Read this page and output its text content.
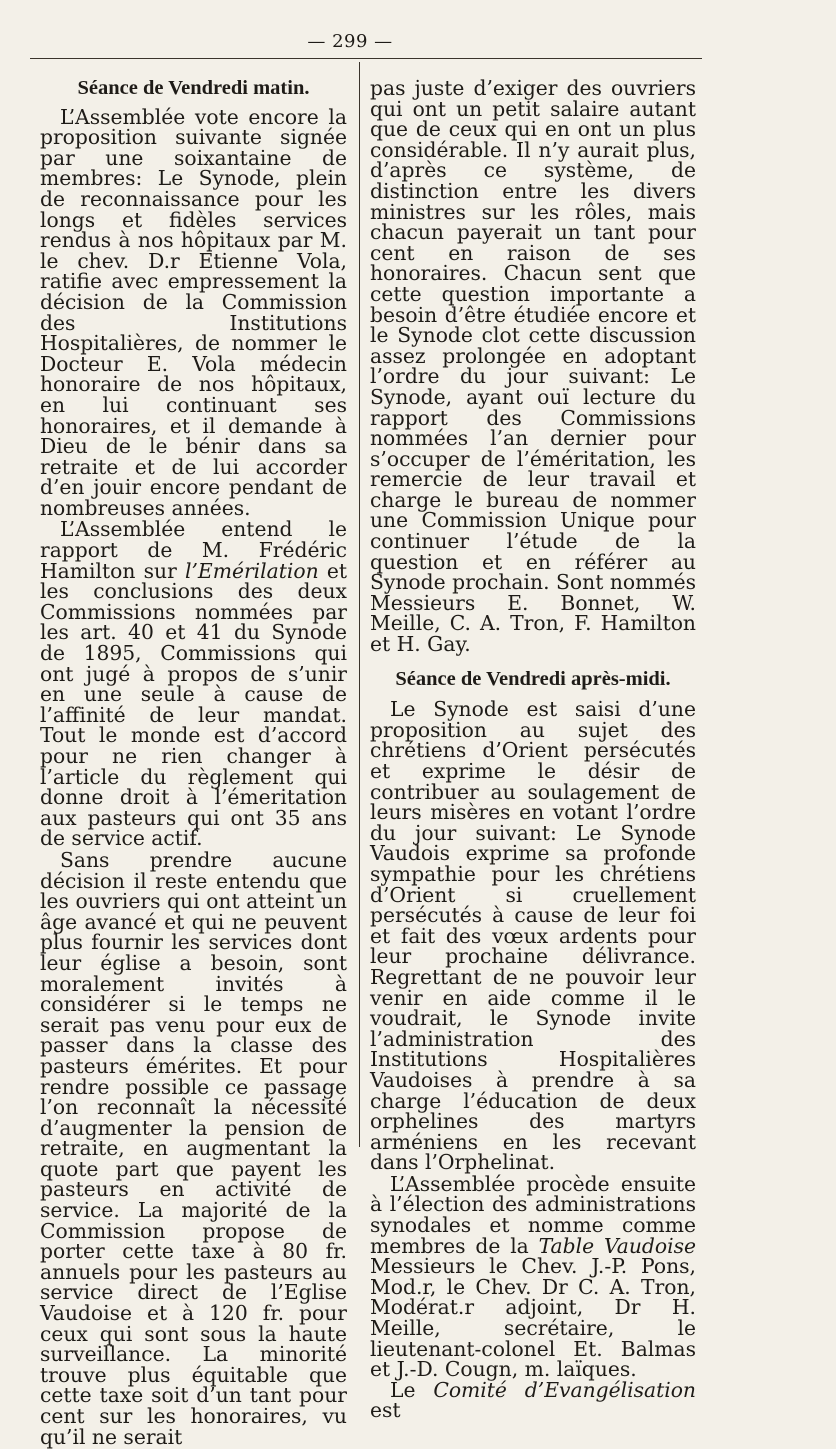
— 299 —

Séance de Vendredi matin.

L’Assemblée vote encore la proposition suivante signée par une soixantaine de membres: Le Synode, plein de reconnaissance pour les longs et fidèles services rendus à nos hôpitaux par M. le chev. D.r Etienne Vola, ratifie avec empressement la décision de la Commission des Institutions Hospitalières, de nommer le Docteur E. Vola médecin honoraire de nos hôpitaux, en lui continuant ses honoraires, et il demande à Dieu de le bénir dans sa retraite et de lui accorder d’en jouir encore pendant de nombreuses années.

L’Assemblée entend le rapport de M. Frédéric Hamilton sur l’Emérilation et les conclusions des deux Commissions nommées par les art. 40 et 41 du Synode de 1895, Commissions qui ont jugé à propos de s’unir en une seule à cause de l’affinité de leur mandat. Tout le monde est d’accord pour ne rien changer à l’article du règlement qui donne droit à l’émeritation aux pasteurs qui ont 35 ans de service actif.

Sans prendre aucune décision il reste entendu que les ouvriers qui ont atteint un âge avancé et qui ne peuvent plus fournir les services dont leur église a besoin, sont moralement invités à considérer si le temps ne serait pas venu pour eux de passer dans la classe des pasteurs émérites. Et pour rendre possible ce passage l’on reconnaît la nécessité d’augmenter la pension de retraite, en augmentant la quote part que payent les pasteurs en activité de service. La majorité de la Commission propose de porter cette taxe à 80 fr. annuels pour les pasteurs au service direct de l’Eglise Vaudoise et à 120 fr. pour ceux qui sont sous la haute surveillance. La minorité trouve plus équitable que cette taxe soit d’un tant pour cent sur les honoraires, vu qu’il ne serait

pas juste d’exiger des ouvriers qui ont un petit salaire autant que de ceux qui en ont un plus considérable. Il n’y aurait plus, d’après ce système, de distinction entre les divers ministres sur les rôles, mais chacun payerait un tant pour cent en raison de ses honoraires. Chacun sent que cette question importante a besoin d’être étudiée encore et le Synode clot cette discussion assez prolongée en adoptant l’ordre du jour suivant: Le Synode, ayant ouï lecture du rapport des Commissions nommées l’an dernier pour s’occuper de l’éméritation, les remercie de leur travail et charge le bureau de nommer une Commission Unique pour continuer l’étude de la question et en référer au Synode prochain. Sont nommés Messieurs E. Bonnet, W. Meille, C. A. Tron, F. Hamilton et H. Gay.

Séance de Vendredi après-midi.

Le Synode est saisi d’une proposition au sujet des chrétiens d’Orient persécutés et exprime le désir de contribuer au soulagement de leurs misères en votant l’ordre du jour suivant: Le Synode Vaudois exprime sa profonde sympathie pour les chrétiens d’Orient si cruellement persécutés à cause de leur foi et fait des vœux ardents pour leur prochaine délivrance. Regrettant de ne pouvoir leur venir en aide comme il le voudrait, le Synode invite l’administration des Institutions Hospitalières Vaudoises à prendre à sa charge l’éducation de deux orphelines des martyrs arméniens en les recevant dans l’Orphelinat.

L’Assemblée procède ensuite à l’élection des administrations synodales et nomme comme membres de la Table Vaudoise Messieurs le Chev. J.-P. Pons, Mod.r, le Chev. Dr C. A. Tron, Modérat.r adjoint, Dr H. Meille, secrétaire, le lieutenant-colonel Et. Balmas et J.-D. Cougn, m. laïques.

Le Comité d’Evangélisation est
